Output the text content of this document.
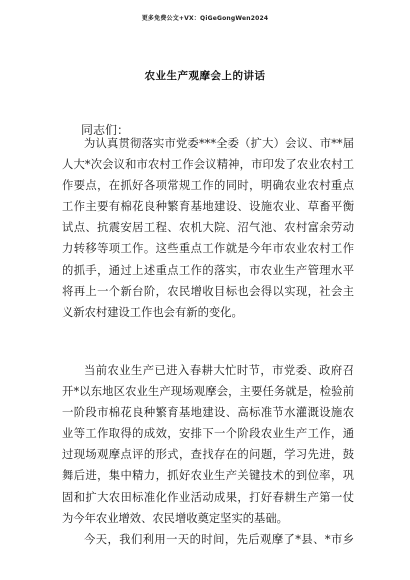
更多免费公文+VX：QiGeGongWen2024
农业生产观摩会上的讲话
同志们：
为认真贯彻落实市党委***全委（扩大）会议、市**届
人大*次会议和市农村工作会议精神，市印发了农业农村工
作要点，在抓好各项常规工作的同时，明确农业农村重点
工作主要有棉花良种繁育基地建设、设施农业、草畜平衡
试点、抗震安居工程、农机大院、沼气池、农村富余劳动
力转移等项工作。这些重点工作就是今年市农业农村工作
的抓手，通过上述重点工作的落实，市农业生产管理水平
将再上一个新台阶，农民增收目标也会得以实现，社会主
义新农村建设工作也会有新的变化。
当前农业生产已进入春耕大忙时节，市党委、政府召
开*以东地区农业生产现场观摩会，主要任务就是，检验前
一阶段市棉花良种繁育基地建设、高标准节水灌溉设施农
业等工作取得的成效，安排下一个阶段农业生产工作，通
过现场观摩点评的形式，查找存在的问题，学习先进，鼓
舞后进，集中精力，抓好农业生产关键技术的到位率，巩
固和扩大农田标准化作业活动成果，打好春耕生产第一仗
为今年农业增效、农民增收奠定坚实的基础。
今天，我们利用一天的时间，先后观摩了*县、*市乡
